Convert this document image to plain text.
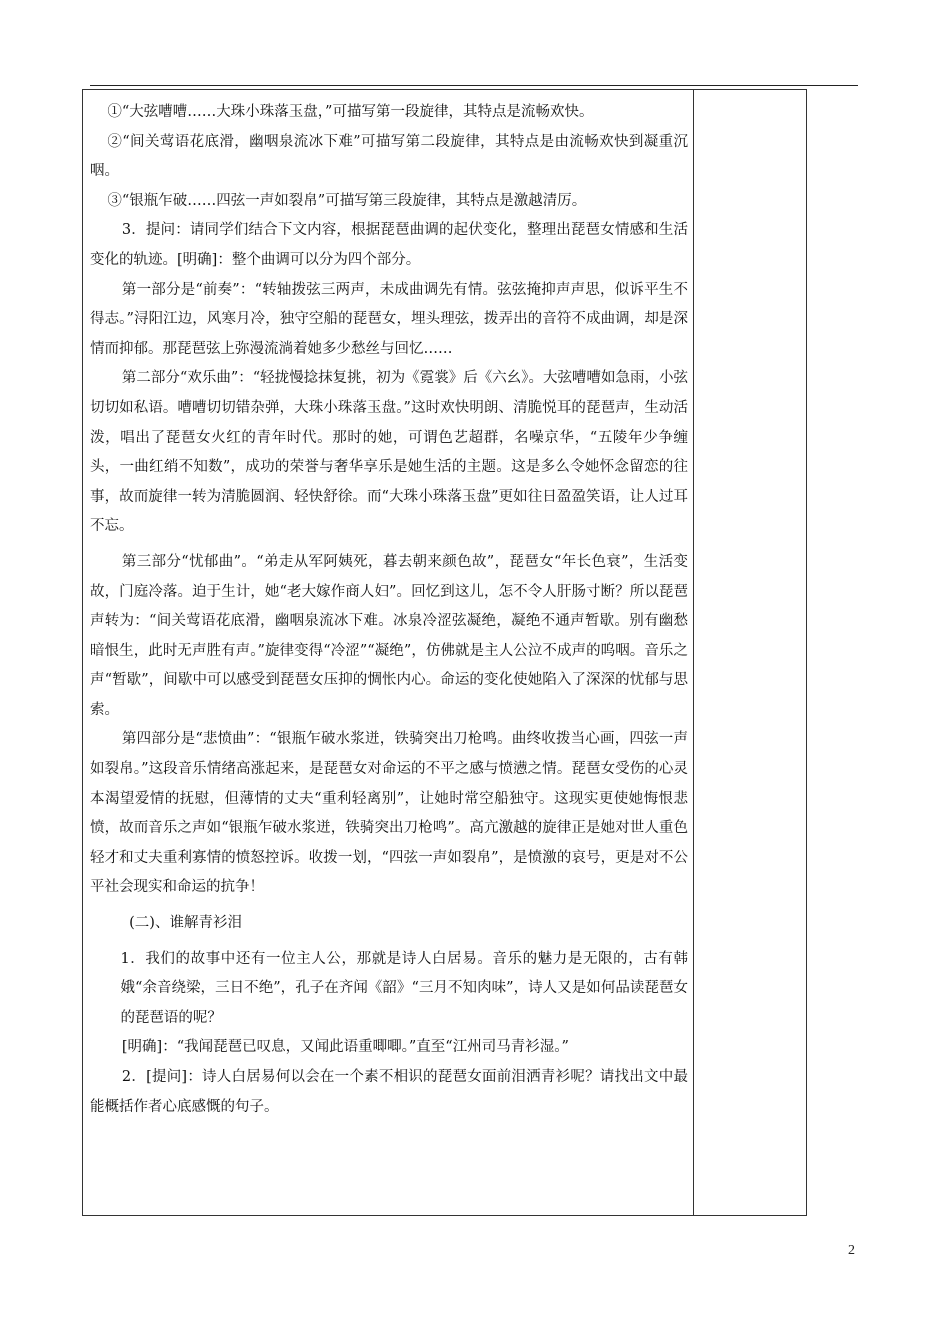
①“大弦嘈嘈……大珠小珠落玉盘，”可描写第一段旋律，其特点是流畅欢快。

②“间关莺语花底滑，幽咽泉流冰下难”可描写第二段旋律，其特点是由流畅欢快到凝重沉咽。

③“银瓶乍破……四弦一声如裂帛”可描写第三段旋律，其特点是激越清厉。

3．提问：请同学们结合下文内容，根据琵琶曲调的起伏变化，整理出琵琶女情感和生活变化的轨迹。[明确]：整个曲调可以分为四个部分。

第一部分是“前奏”：“转轴拨弦三两声，未成曲调先有情。弦弦掩抑声声思，似诉平生不得志。”浔阳江边，风寒月冷，独守空船的琵琶女，埋头理弦，拨弄出的音符不成曲调，却是深情而抑郁。那琵琶弦上弥漫流淌着她多少愁丝与回忆……

第二部分“欢乐曲”：“轻拢慢捻抹复挑，初为《霓裳》后《六幺》。大弦嘈嘈如急雨，小弦切切如私语。嘈嘈切切错杂弹，大珠小珠落玉盘。”这时欢快明朗、清脆悦耳的琵琶声，生动活泼，唱出了琵琶女火红的青年时代。那时的她，可谓色艺超群，名噪京华，“五陵年少争缠头，一曲红绡不知数”，成功的荣誉与奢华享乐是她生活的主题。这是多么令她怀念留恋的往事，故而旋律一转为清脆圆润、轻快舒徐。而“大珠小珠落玉盘”更如往日盈盈笑语，让人过耳不忘。

第三部分“忧郁曲”。“弟走从军阿姨死，暮去朝来颜色故”，琵琶女“年长色衰”，生活变故，门庭冷落。迫于生计，她“老大嫁作商人妇”。回忆到这儿，怎不令人肝肠寸断？所以琵琶声转为：“间关莺语花底滑，幽咽泉流冰下难。冰泉冷涩弦凝绝，凝绝不通声暂歇。别有幽愁暗恨生，此时无声胜有声。”旋律变得“冷涩”“凝绝”，仿佛就是主人公泣不成声的呜咽。音乐之声“暂歇”，间歇中可以感受到琵琶女压抑的惆怅内心。命运的变化使她陷入了深深的忧郁与思索。

第四部分是“悲愤曲”：“银瓶乍破水浆迸，铁骑突出刀枪鸣。曲终收拨当心画，四弦一声如裂帛。”这段音乐情绪高涨起来，是琵琶女对命运的不平之感与愤懑之情。琵琶女受伤的心灵本渴望爱情的抚慰，但薄情的丈夫“重利轻离别”，让她时常空船独守。这现实更使她悔恨悲愤，故而音乐之声如“银瓶乍破水浆迸，铁骑突出刀枪鸣”。高亢激越的旋律正是她对世人重色轻才和丈夫重利寡情的愤怒控诉。收拨一划，“四弦一声如裂帛”，是愤激的哀号，更是对不公平社会现实和命运的抗争！

(二)、谁解青衫泪

1．我们的故事中还有一位主人公，那就是诗人白居易。音乐的魅力是无限的，古有韩娥“余音绕梁，三日不绝”，孔子在齐闻《韶》“三月不知肉味”，诗人又是如何品读琵琶女的琵琶语的呢？

[明确]：“我闻琵琶已叹息，又闻此语重唧唧。”直至“江州司马青衫湿。”

2．[提问]：诗人白居易何以会在一个素不相识的琵琶女面前泪洒青衫呢？请找出文中最能概括作者心底感慨的句子。

2
